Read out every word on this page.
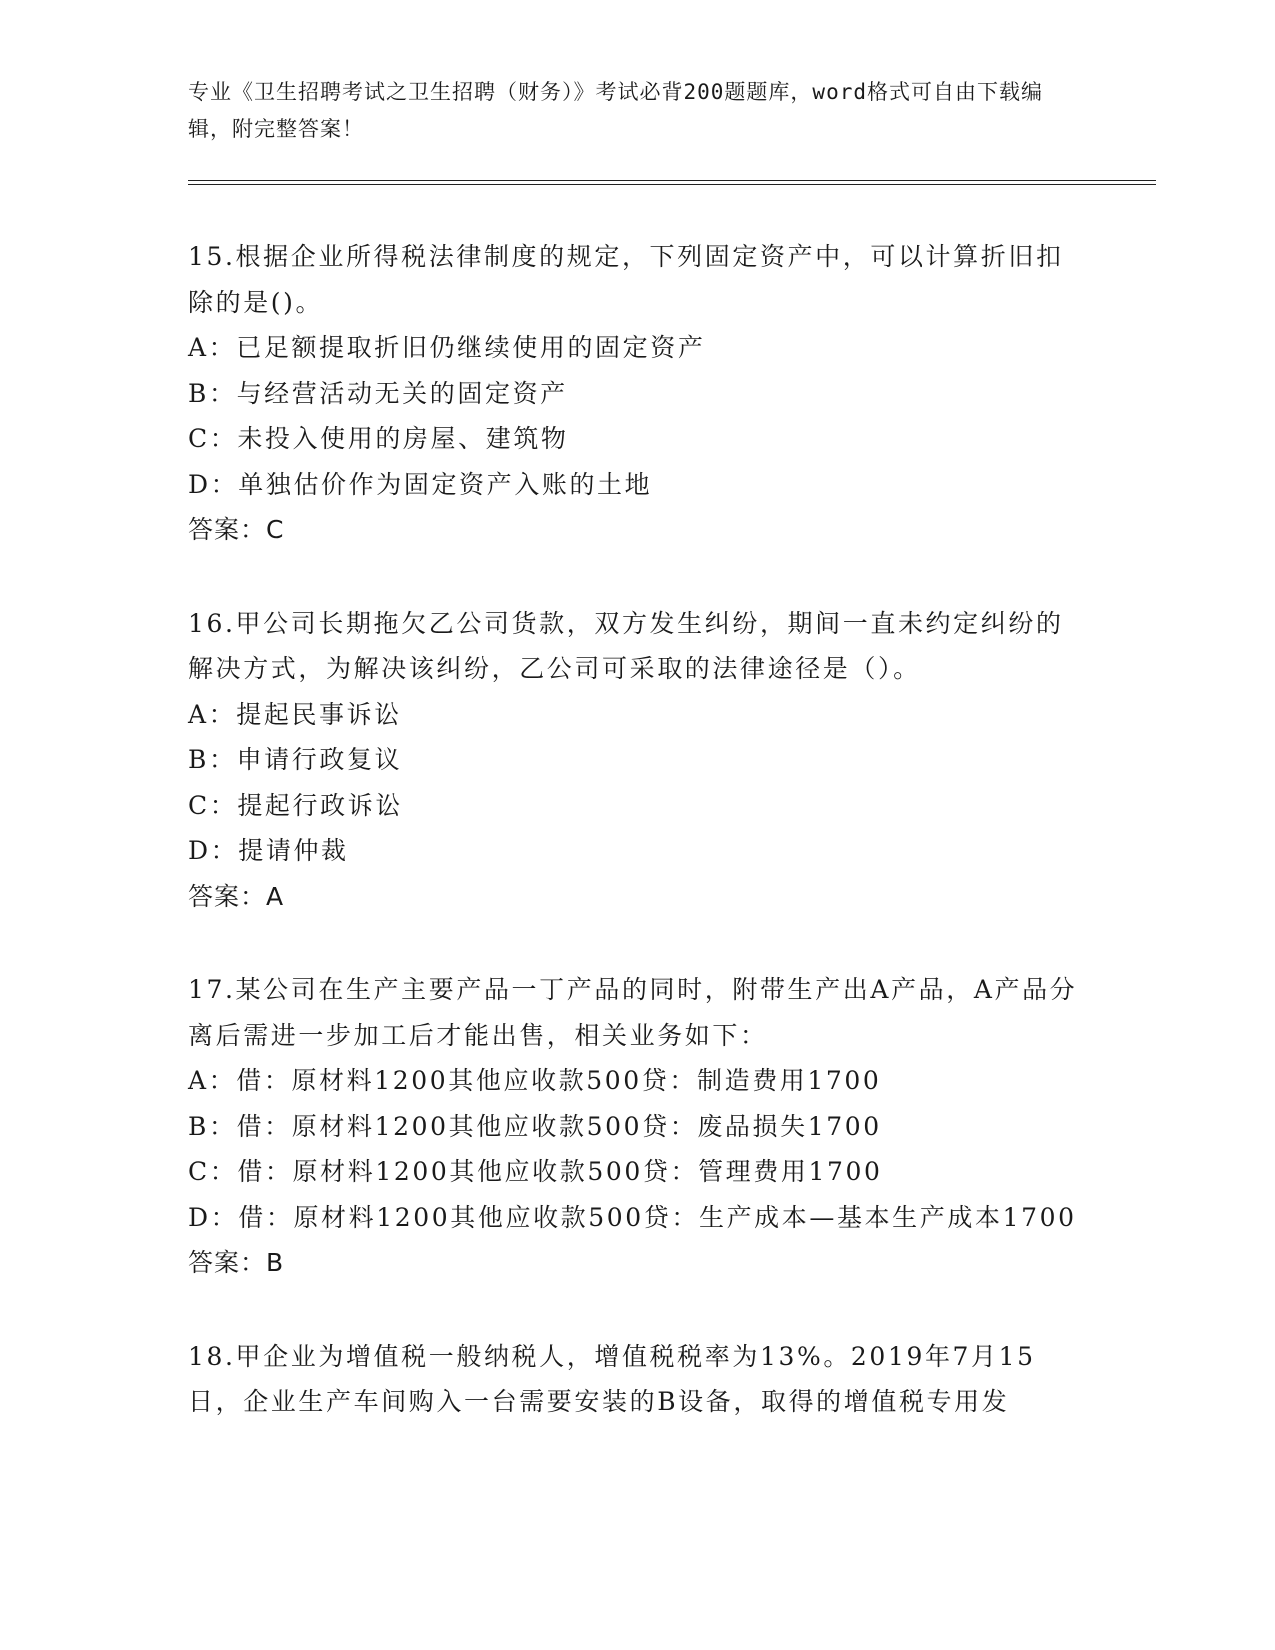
专业《卫生招聘考试之卫生招聘（财务）》考试必背200题题库，word格式可自由下载编辑，附完整答案！
15.根据企业所得税法律制度的规定，下列固定资产中，可以计算折旧扣除的是()。
A：已足额提取折旧仍继续使用的固定资产
B：与经营活动无关的固定资产
C：未投入使用的房屋、建筑物
D：单独估价作为固定资产入账的土地
答案：C
16.甲公司长期拖欠乙公司货款，双方发生纠纷，期间一直未约定纠纷的解决方式，为解决该纠纷，乙公司可采取的法律途径是（）。
A：提起民事诉讼
B：申请行政复议
C：提起行政诉讼
D：提请仲裁
答案：A
17.某公司在生产主要产品一丁产品的同时，附带生产出A产品，A产品分离后需进一步加工后才能出售，相关业务如下：
A：借：原材料1200其他应收款500贷：制造费用1700
B：借：原材料1200其他应收款500贷：废品损失1700
C：借：原材料1200其他应收款500贷：管理费用1700
D：借：原材料1200其他应收款500贷：生产成本—基本生产成本1700
答案：B
18.甲企业为增值税一般纳税人，增值税税率为13%。2019年7月15日，企业生产车间购入一台需要安装的B设备，取得的增值税专用发
